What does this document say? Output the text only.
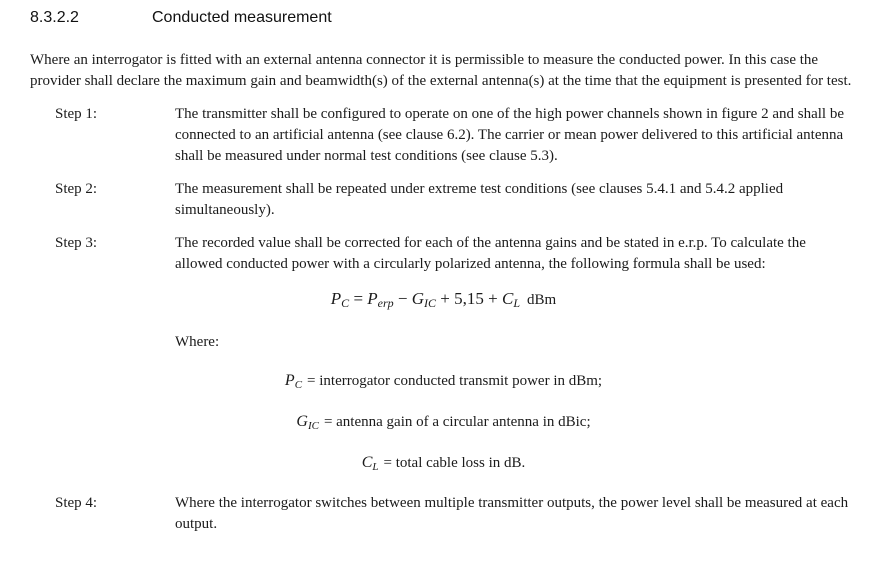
8.3.2.2	Conducted measurement

Where an interrogator is fitted with an external antenna connector it is permissible to measure the conducted power. In this case the provider shall declare the maximum gain and beamwidth(s) of the external antenna(s) at the time that the equipment is presented for test.

Step 1:	The transmitter shall be configured to operate on one of the high power channels shown in figure 2 and shall be connected to an artificial antenna (see clause 6.2). The carrier or mean power delivered to this artificial antenna shall be measured under normal test conditions (see clause 5.3).
Step 2:	The measurement shall be repeated under extreme test conditions (see clauses 5.4.1 and 5.4.2 applied simultaneously).
Step 3:	The recorded value shall be corrected for each of the antenna gains and be stated in e.r.p. To calculate the allowed conducted power with a circularly polarized antenna, the following formula shall be used:
PC = Perp − GIC + 5,15 + CL dBm
Where:
$P_C$ = interrogator conducted transmit power in dBm;
$G_{IC}$ = antenna gain of a circular antenna in dBic;
$C_L$ = total cable loss in dB.
Step 4:	Where the interrogator switches between multiple transmitter outputs, the power level shall be measured at each output.
